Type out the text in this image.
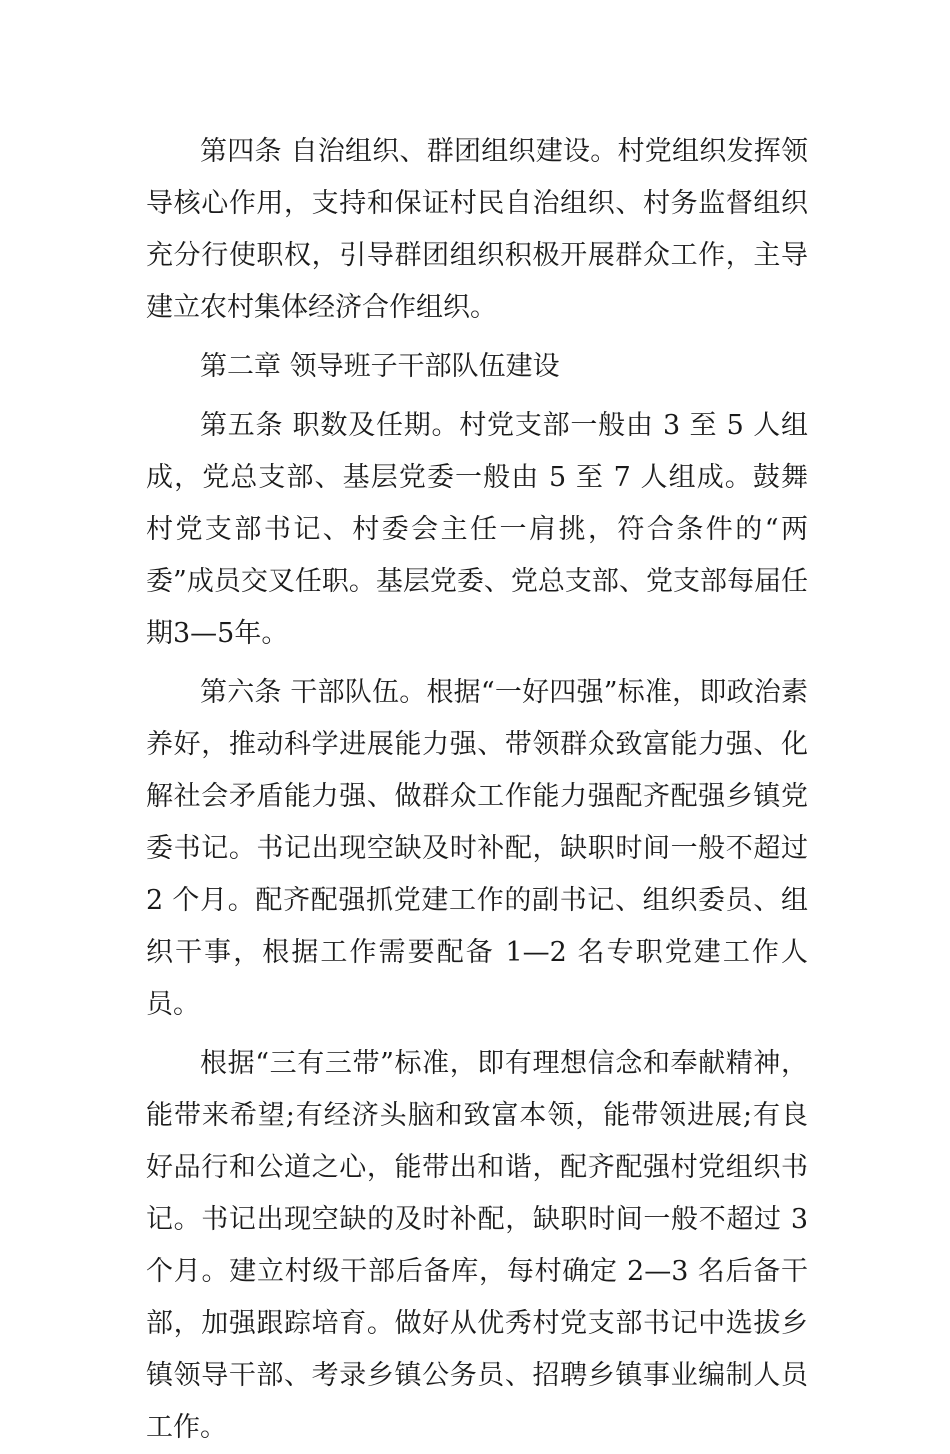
第四条 自治组织、群团组织建设。村党组织发挥领导核心作用，支持和保证村民自治组织、村务监督组织充分行使职权，引导群团组织积极开展群众工作，主导建立农村集体经济合作组织。

第二章 领导班子干部队伍建设

第五条 职数及任期。村党支部一般由 3 至 5 人组成，党总支部、基层党委一般由 5 至 7 人组成。鼓舞村党支部书记、村委会主任一肩挑，符合条件的“两委”成员交叉任职。基层党委、党总支部、党支部每届任期3—5年。

第六条 干部队伍。根据“一好四强”标准，即政治素养好，推动科学进展能力强、带领群众致富能力强、化解社会矛盾能力强、做群众工作能力强配齐配强乡镇党委书记。书记出现空缺及时补配，缺职时间一般不超过 2 个月。配齐配强抓党建工作的副书记、组织委员、组织干事，根据工作需要配备 1—2 名专职党建工作人员。

根据“三有三带”标准，即有理想信念和奉献精神，能带来希望;有经济头脑和致富本领，能带领进展;有良好品行和公道之心，能带出和谐，配齐配强村党组织书记。书记出现空缺的及时补配，缺职时间一般不超过 3 个月。建立村级干部后备库，每村确定 2—3 名后备干部，加强跟踪培育。做好从优秀村党支部书记中选拔乡镇领导干部、考录乡镇公务员、招聘乡镇事业编制人员工作。
